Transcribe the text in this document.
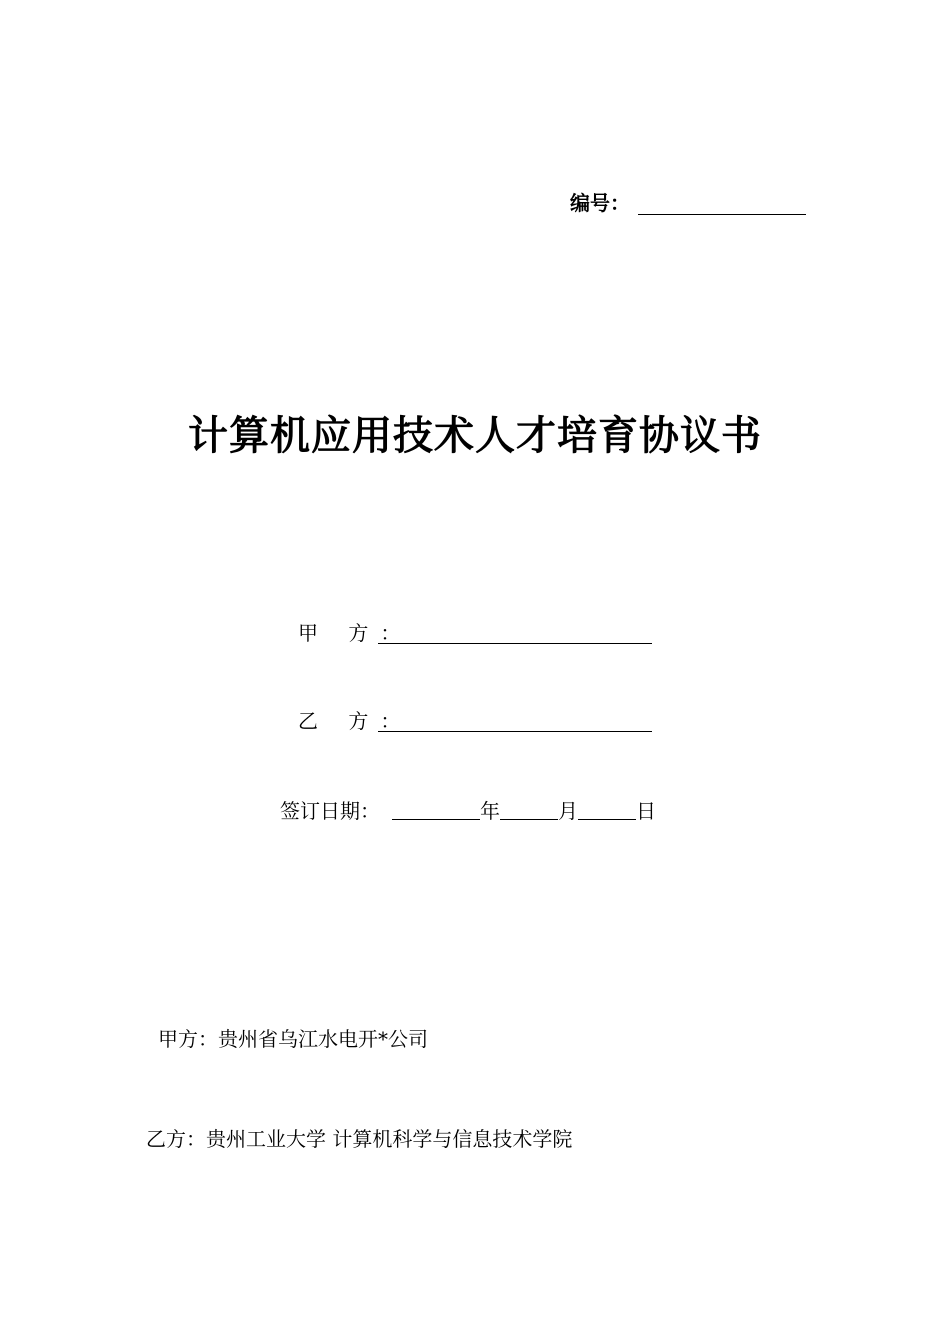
编号：
计算机应用技术人才培育协议书
甲 方：
乙 方：
签订日期：	年	月	日
甲方：贵州省乌江水电开*公司
乙方：贵州工业大学 计算机科学与信息技术学院
